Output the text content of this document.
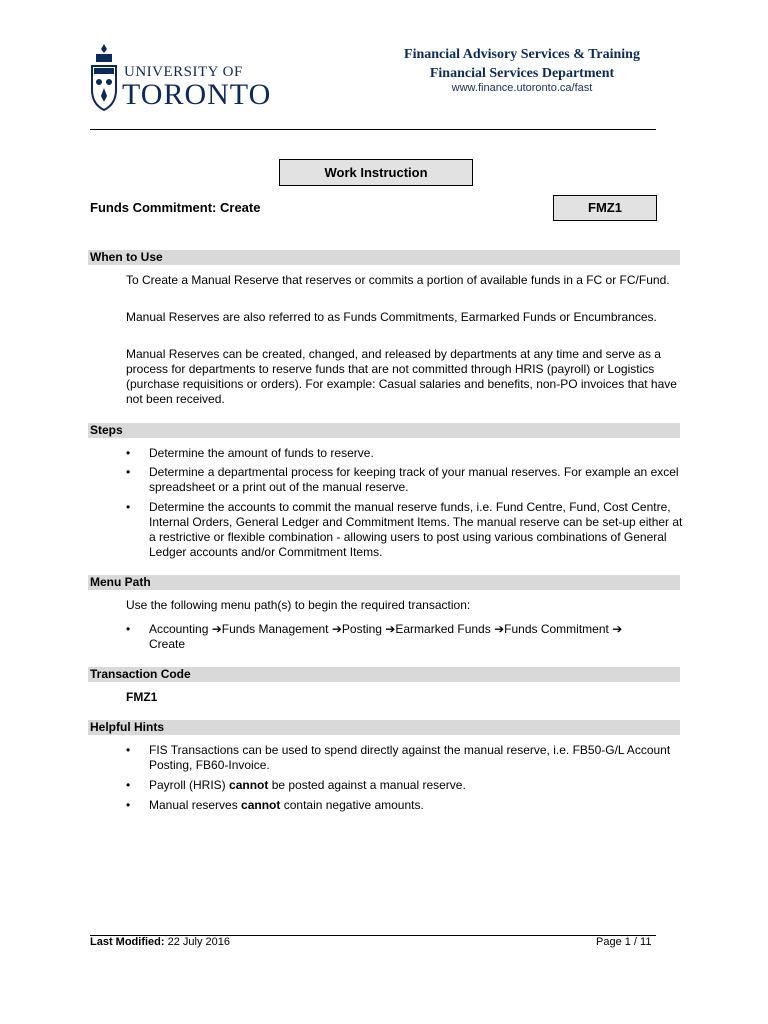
UNIVERSITY OF
TORONTO
Financial Advisory Services & Training
Financial Services Department
www.finance.utoronto.ca/fast
Work Instruction
Funds Commitment: Create	FMZ1
When to Use
To Create a Manual Reserve that reserves or commits a portion of available funds in a FC or FC/Fund.
Manual Reserves are also referred to as Funds Commitments, Earmarked Funds or Encumbrances.
Manual Reserves can be created, changed, and released by departments at any time and serve as a process for departments to reserve funds that are not committed through HRIS (payroll) or Logistics (purchase requisitions or orders). For example: Casual salaries and benefits, non-PO invoices that have not been received.
Steps
• Determine the amount of funds to reserve.
• Determine a departmental process for keeping track of your manual reserves. For example an excel spreadsheet or a print out of the manual reserve.
• Determine the accounts to commit the manual reserve funds, i.e. Fund Centre, Fund, Cost Centre, Internal Orders, General Ledger and Commitment Items. The manual reserve can be set-up either at a restrictive or flexible combination - allowing users to post using various combinations of General Ledger accounts and/or Commitment Items.
Menu Path
Use the following menu path(s) to begin the required transaction:
• Accounting ➔Funds Management ➔Posting ➔Earmarked Funds ➔Funds Commitment ➔
Create
Transaction Code
FMZ1
Helpful Hints
• FIS Transactions can be used to spend directly against the manual reserve, i.e. FB50-G/L Account Posting, FB60-Invoice.
• Payroll (HRIS) cannot be posted against a manual reserve.
• Manual reserves cannot contain negative amounts.
Last Modified: 22 July 2016	Page 1 / 11
